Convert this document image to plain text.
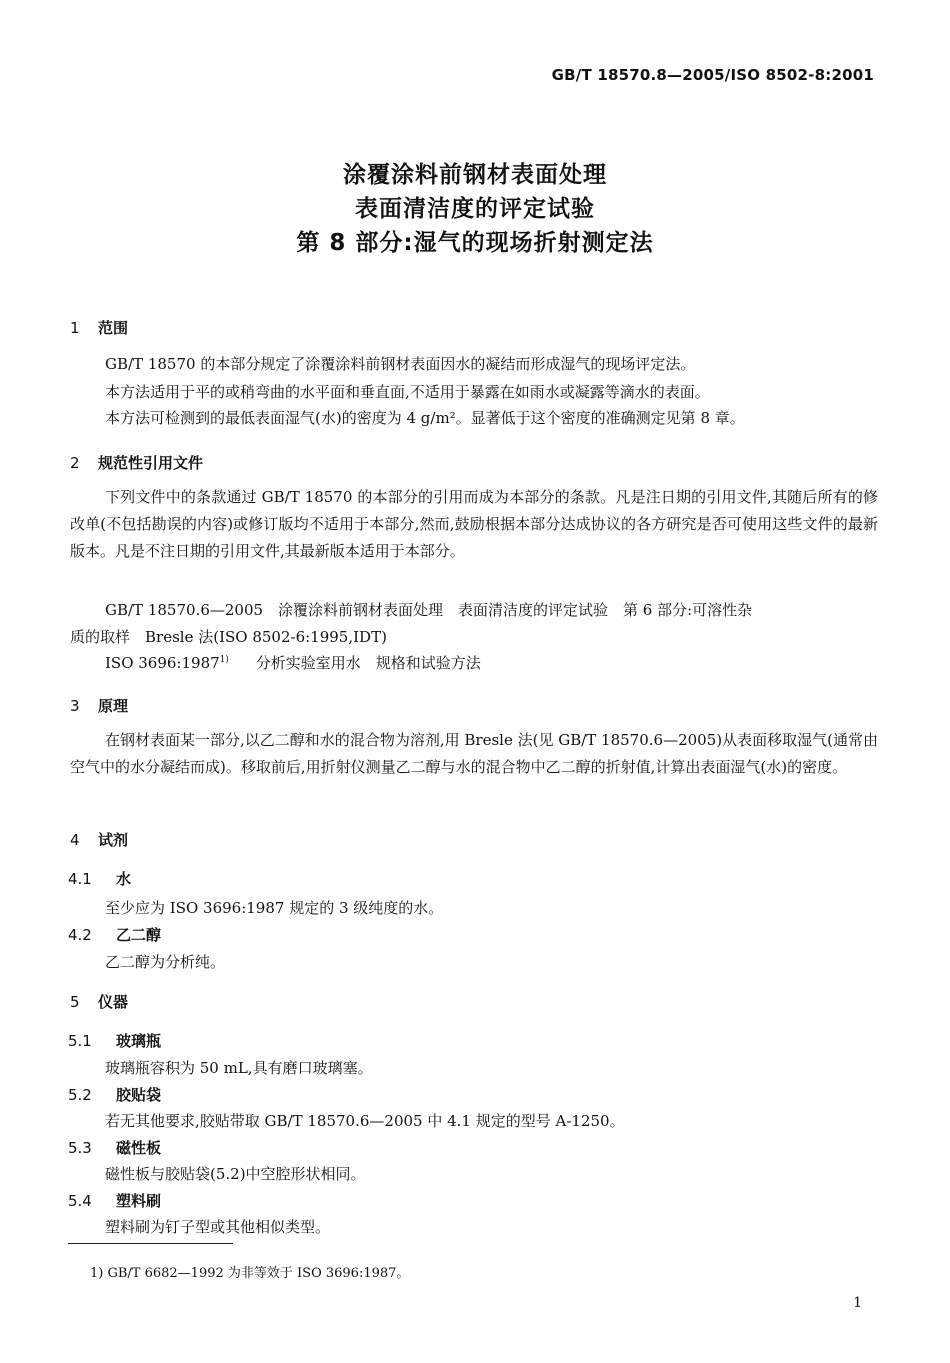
GB/T 18570.8—2005/ISO 8502-8:2001
涂覆涂料前钢材表面处理
表面清洁度的评定试验
第 8 部分:湿气的现场折射测定法
1 范围
GB/T 18570 的本部分规定了涂覆涂料前钢材表面因水的凝结而形成湿气的现场评定法。
本方法适用于平的或稍弯曲的水平面和垂直面,不适用于暴露在如雨水或凝露等滴水的表面。
本方法可检测到的最低表面湿气(水)的密度为 4 g/m²。显著低于这个密度的准确测定见第 8 章。
2 规范性引用文件
下列文件中的条款通过 GB/T 18570 的本部分的引用而成为本部分的条款。凡是注日期的引用文件,其随后所有的修改单(不包括勘误的内容)或修订版均不适用于本部分,然而,鼓励根据本部分达成协议的各方研究是否可使用这些文件的最新版本。凡是不注日期的引用文件,其最新版本适用于本部分。
GB/T 18570.6—2005　涂覆涂料前钢材表面处理　表面清洁度的评定试验　第 6 部分:可溶性杂
质的取样　Bresle 法(ISO 8502-6:1995,IDT)
ISO 3696:1987$^{1)}$ 分析实验室用水　规格和试验方法
3 原理
在钢材表面某一部分,以乙二醇和水的混合物为溶剂,用 Bresle 法(见 GB/T 18570.6—2005)从表面移取湿气(通常由空气中的水分凝结而成)。移取前后,用折射仪测量乙二醇与水的混合物中乙二醇的折射值,计算出表面湿气(水)的密度。
4 试剂
4.1 水
至少应为 ISO 3696:1987 规定的 3 级纯度的水。
4.2 乙二醇
乙二醇为分析纯。
5 仪器
5.1 玻璃瓶
玻璃瓶容积为 50 mL,具有磨口玻璃塞。
5.2 胶贴袋
若无其他要求,胶贴带取 GB/T 18570.6—2005 中 4.1 规定的型号 A-1250。
5.3 磁性板
磁性板与胶贴袋(5.2)中空腔形状相同。
5.4 塑料刷
塑料刷为钉子型或其他相似类型。
1) GB/T 6682—1992 为非等效于 ISO 3696:1987。
1
